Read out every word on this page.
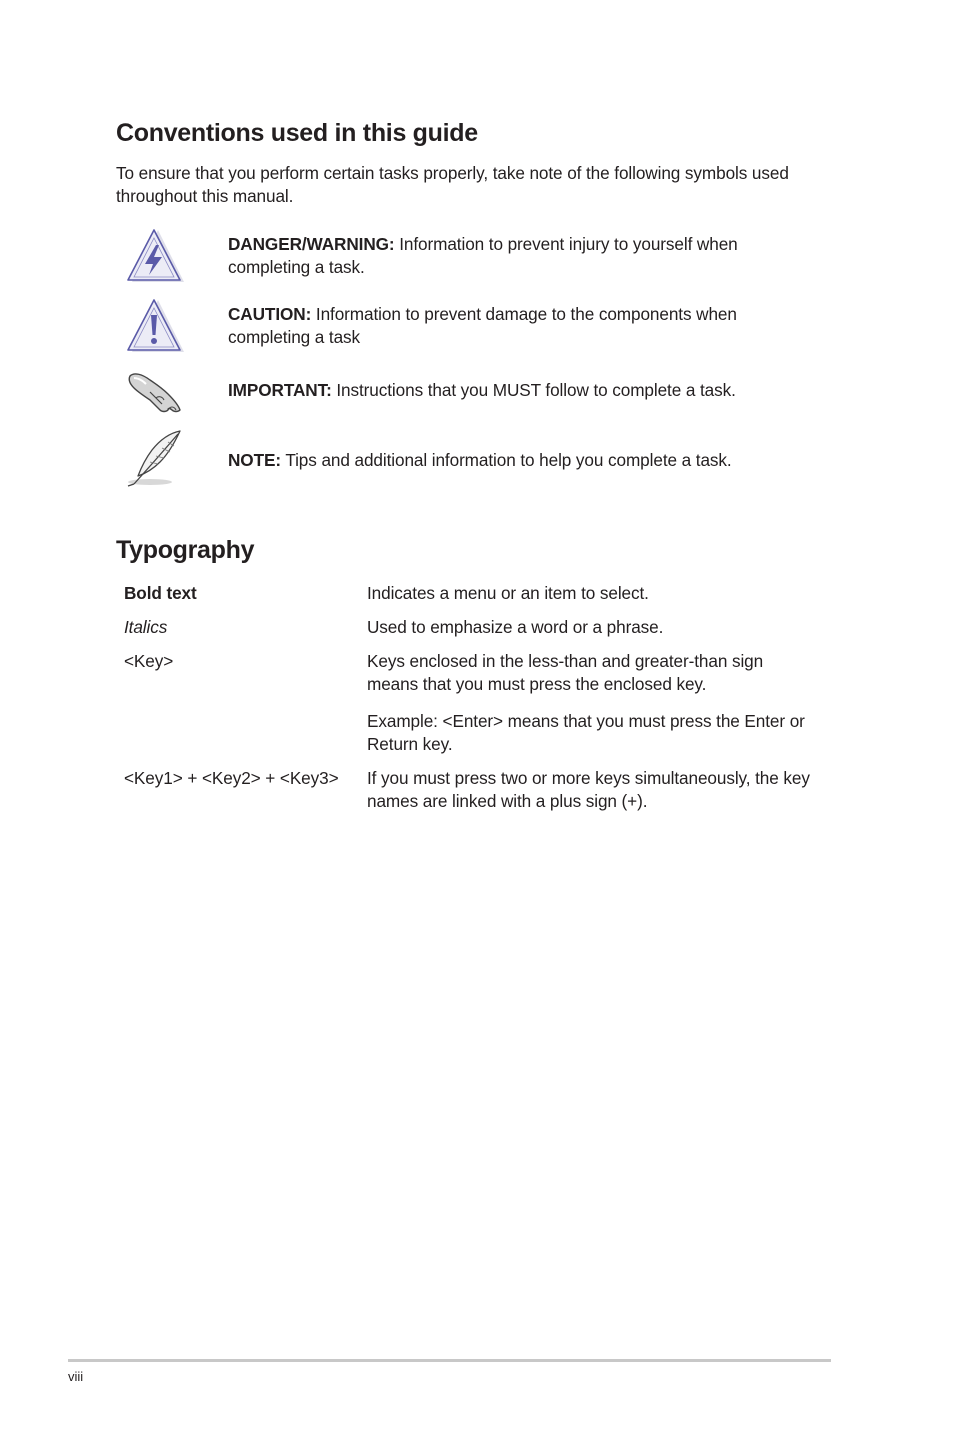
Conventions used in this guide

To ensure that you perform certain tasks properly, take note of the following symbols used
throughout this manual.

DANGER/WARNING: Information to prevent injury to yourself when
completing a task.
CAUTION: Information to prevent damage to the components when
completing a task
IMPORTANT: Instructions that you MUST follow to complete a task.
NOTE: Tips and additional information to help you complete a task.
Typography
Bold text	Indicates a menu or an item to select.
Italics	Used to emphasize a word or a phrase.
<Key>	Keys enclosed in the less-than and greater-than sign
means that you must press the enclosed key.
Example: <Enter> means that you must press the Enter or
Return key.
<Key1> + <Key2> + <Key3>	If you must press two or more keys simultaneously, the key
names are linked with a plus sign (+).
viii
